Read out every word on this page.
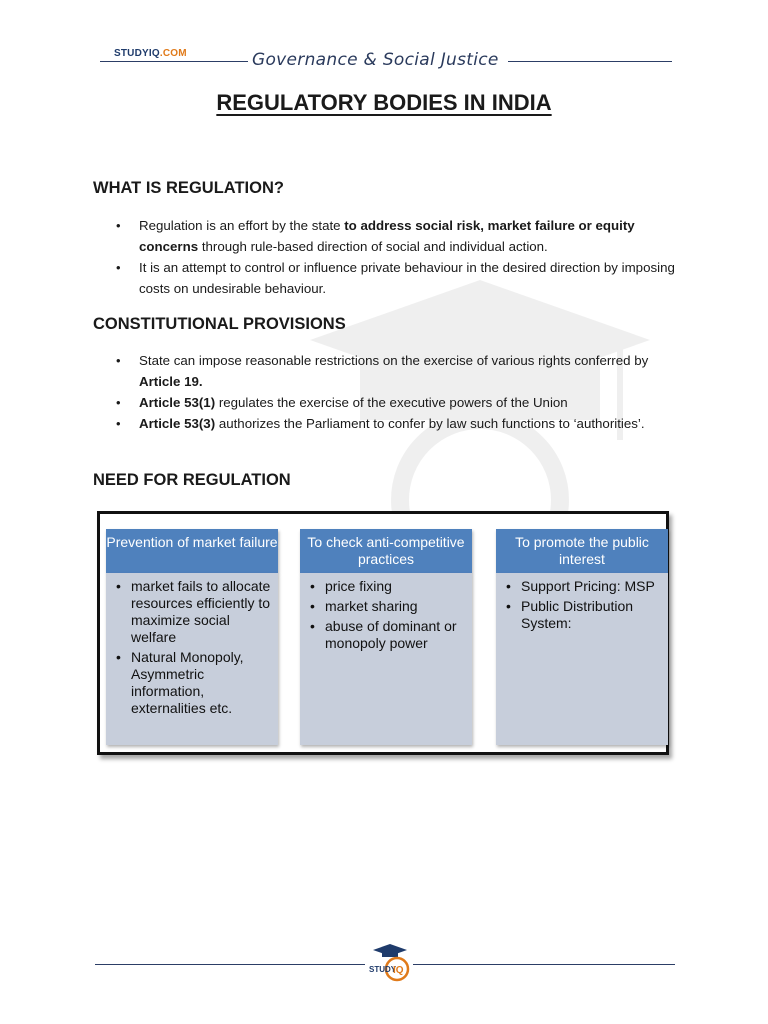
STUDYIQ.COM	Governance & Social Justice
REGULATORY BODIES IN INDIA
WHAT IS REGULATION?
• Regulation is an effort by the state to address social risk, market failure or equity concerns through rule-based direction of social and individual action.
• It is an attempt to control or influence private behaviour in the desired direction by imposing costs on undesirable behaviour.
CONSTITUTIONAL PROVISIONS
• State can impose reasonable restrictions on the exercise of various rights conferred by Article 19.
• Article 53(1) regulates the exercise of the executive powers of the Union
• Article 53(3) authorizes the Parliament to confer by law such functions to ‘authorities’.
NEED FOR REGULATION
Prevention of market failure
• market fails to allocate resources efficiently to maximize social welfare
• Natural Monopoly, Asymmetric information, externalities etc.
To check anti-competitive practices
• price fixing
• market sharing
• abuse of dominant or monopoly power
To promote the public interest
• Support Pricing: MSP
• Public Distribution System:
STUDY
IQ
